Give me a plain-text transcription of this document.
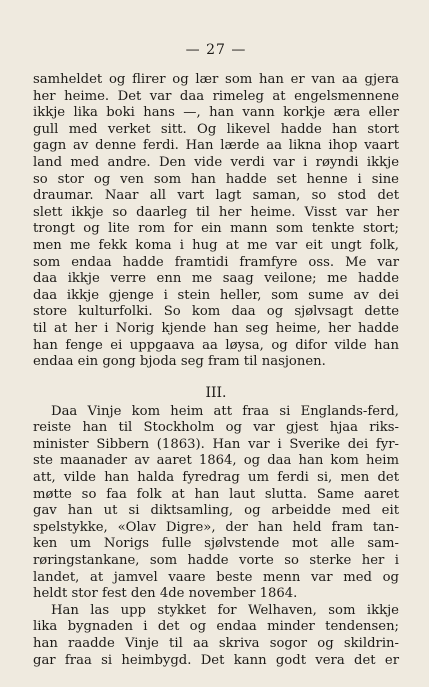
— 27 —

samheldet og flirer og lær som han er van aa gjera
her heime. Det var daa rimeleg at engelsmennene
ikkje lika boki hans —, han vann korkje æra eller
gull med verket sitt. Og likevel hadde han stort
gagn av denne ferdi. Han lærde aa likna ihop vaart
land med andre. Den vide verdi var i røyndi ikkje
so stor og ven som han hadde set henne i sine
draumar. Naar all vart lagt saman, so stod det
slett ikkje so daarleg til her heime. Visst var her
trongt og lite rom for ein mann som tenkte stort;
men me fekk koma i hug at me var eit ungt folk,
som endaa hadde framtidi framfyre oss. Me var
daa ikkje verre enn me saag veilone; me hadde
daa ikkje gjenge i stein heller, som sume av dei
store kulturfolki. So kom daa og sjølvsagt dette
til at her i Norig kjende han seg heime, her hadde
han fenge ei uppgaava aa løysa, og difor vilde han
endaa ein gong bjoda seg fram til nasjonen.

III.

Daa Vinje kom heim att fraa si Englands-ferd,
reiste han til Stockholm og var gjest hjaa riks-
minister Sibbern (1863). Han var i Sverike dei fyr-
ste maanader av aaret 1864, og daa han kom heim
att, vilde han halda fyredrag um ferdi si, men det
møtte so faa folk at han laut slutta. Same aaret
gav han ut si diktsamling, og arbeidde med eit
spelstykke, «Olav Digre», der han held fram tan-
ken um Norigs fulle sjølvstende mot alle sam-
røringstankane, som hadde vorte so sterke her i
landet, at jamvel vaare beste menn var med og
heldt stor fest den 4de november 1864.

Han las upp stykket for Welhaven, som ikkje
lika bygnaden i det og endaa minder tendensen;
han raadde Vinje til aa skriva sogor og skildrin-
gar fraa si heimbygd. Det kann godt vera det er
